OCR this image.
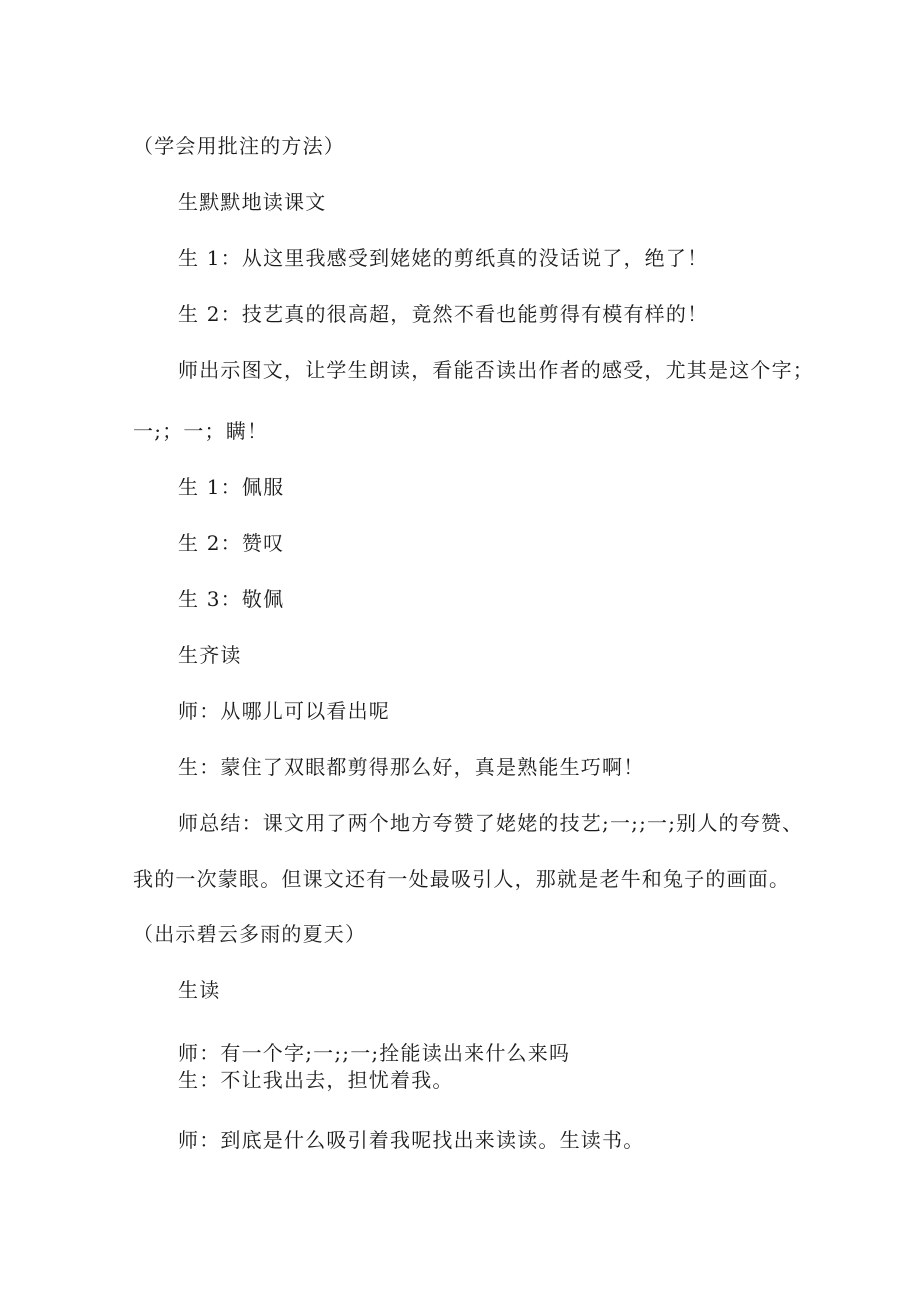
（学会用批注的方法）

生默默地读课文

生 1：从这里我感受到姥姥的剪纸真的没话说了，绝了！

生 2：技艺真的很高超，竟然不看也能剪得有模有样的！

师出示图文，让学生朗读，看能否读出作者的感受，尤其是这个字；

一;；一；瞒！

生 1：佩服

生 2：赞叹

生 3：敬佩

生齐读

师：从哪儿可以看出呢

生：蒙住了双眼都剪得那么好，真是熟能生巧啊！

师总结：课文用了两个地方夸赞了姥姥的技艺;一;;一;别人的夸赞、

我的一次蒙眼。但课文还有一处最吸引人，那就是老牛和兔子的画面。

（出示碧云多雨的夏天）

生读

师：有一个字;一;;一;拴能读出来什么来吗

生：不让我出去，担忧着我。

师：到底是什么吸引着我呢找出来读读。生读书。
